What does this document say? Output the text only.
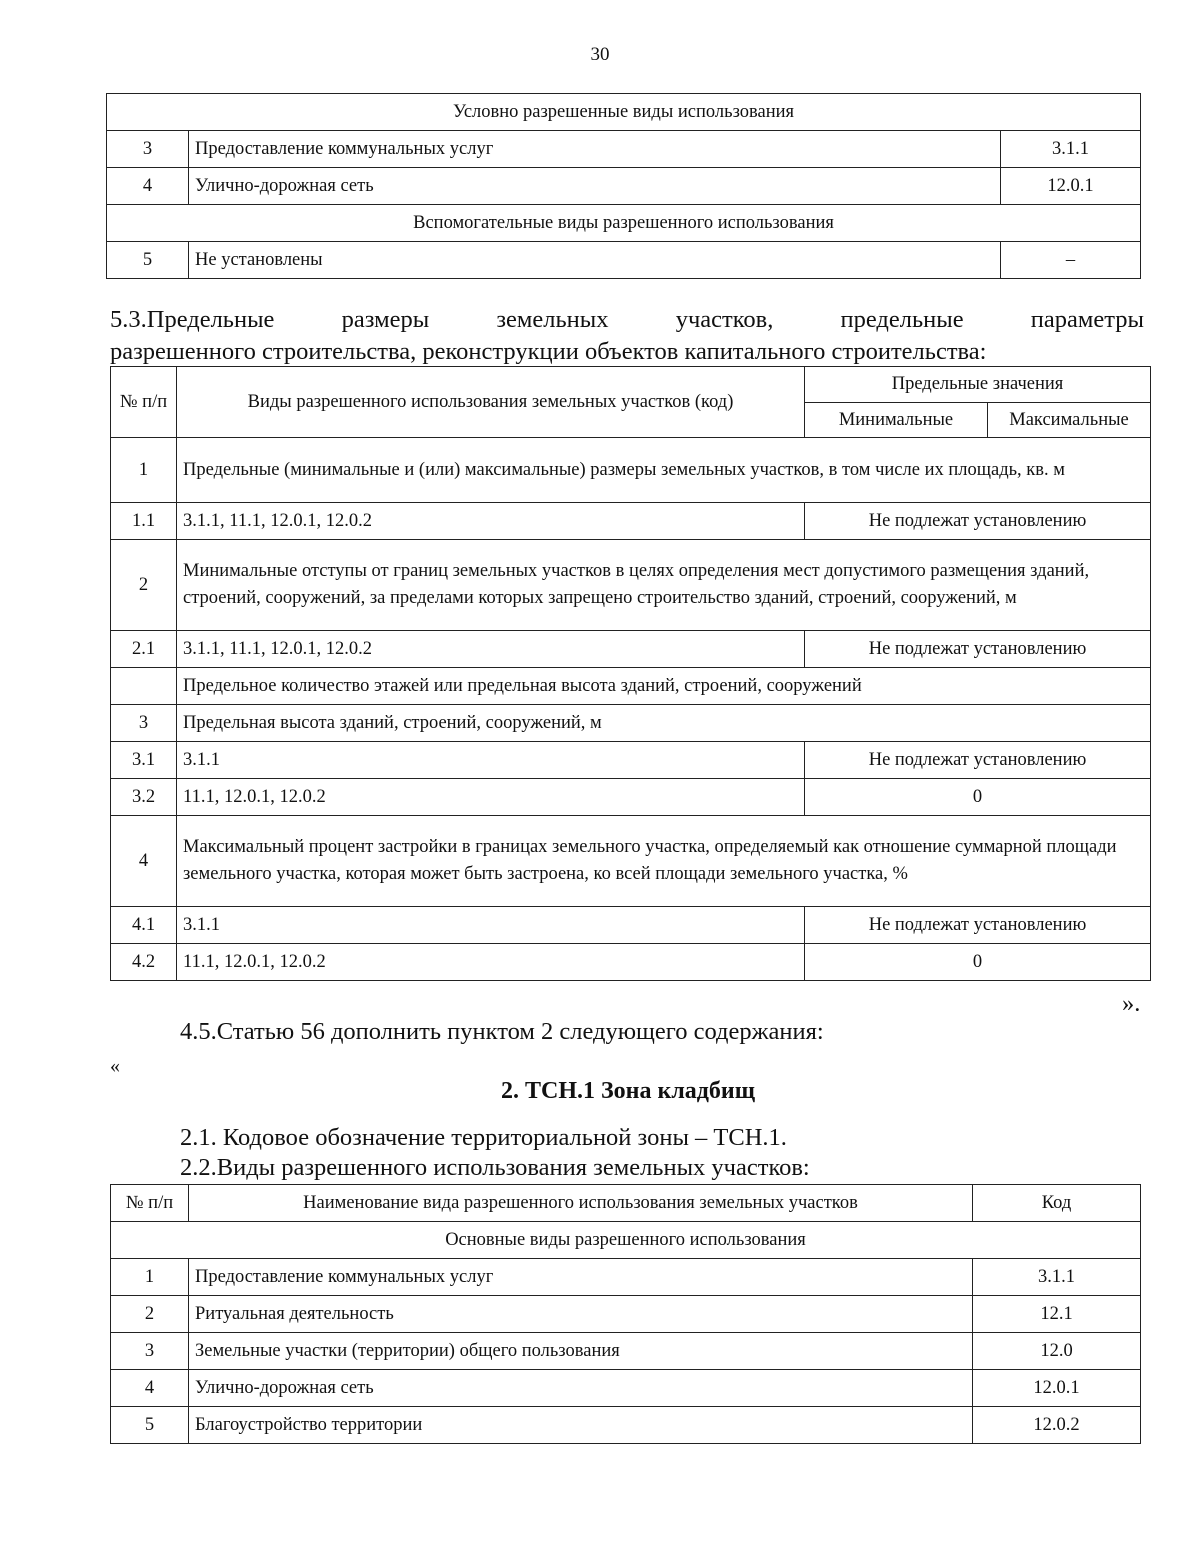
30
Условно разрешенные виды использования		
3	Предоставление коммунальных услуг	3.1.1
4	Улично-дорожная сеть	12.0.1
Вспомогательные виды разрешенного использования		
5	Не установлены	–
5.3.Предельные размеры земельных участков, предельные параметры
разрешенного строительства, реконструкции объектов капитального строительства:
№ п/п	Виды разрешенного использования земельных участков (код)	Предельные значения	
		Минимальные	Максимальные
1	Предельные (минимальные и (или) максимальные) размеры земельных участков, в том числе их площадь, кв. м		
1.1	3.1.1, 11.1, 12.0.1, 12.0.2	Не подлежат установлению	
2	Минимальные отступы от границ земельных участков в целях определения мест допустимого размещения зданий, строений, сооружений, за пределами которых запрещено строительство зданий, строений, сооружений, м		
2.1	3.1.1, 11.1, 12.0.1, 12.0.2	Не подлежат установлению	
	Предельное количество этажей или предельная высота зданий, строений, сооружений		
3	Предельная высота зданий, строений, сооружений, м		
3.1	3.1.1	Не подлежат установлению	
3.2	11.1, 12.0.1, 12.0.2	0	
4	Максимальный процент застройки в границах земельного участка, определяемый как отношение суммарной площади земельного участка, которая может быть застроена, ко всей площади земельного участка, %		
4.1	3.1.1	Не подлежат установлению	
4.2	11.1, 12.0.1, 12.0.2	0	
».
4.5.Статью 56 дополнить пунктом 2 следующего содержания:
«
2. ТСН.1 Зона кладбищ
2.1. Кодовое обозначение территориальной зоны – ТСН.1.
2.2.Виды разрешенного использования земельных участков:
№ п/п	Наименование вида разрешенного использования земельных участков	Код
Основные виды разрешенного использования		
1	Предоставление коммунальных услуг	3.1.1
2	Ритуальная деятельность	12.1
3	Земельные участки (территории) общего пользования	12.0
4	Улично-дорожная сеть	12.0.1
5	Благоустройство территории	12.0.2
